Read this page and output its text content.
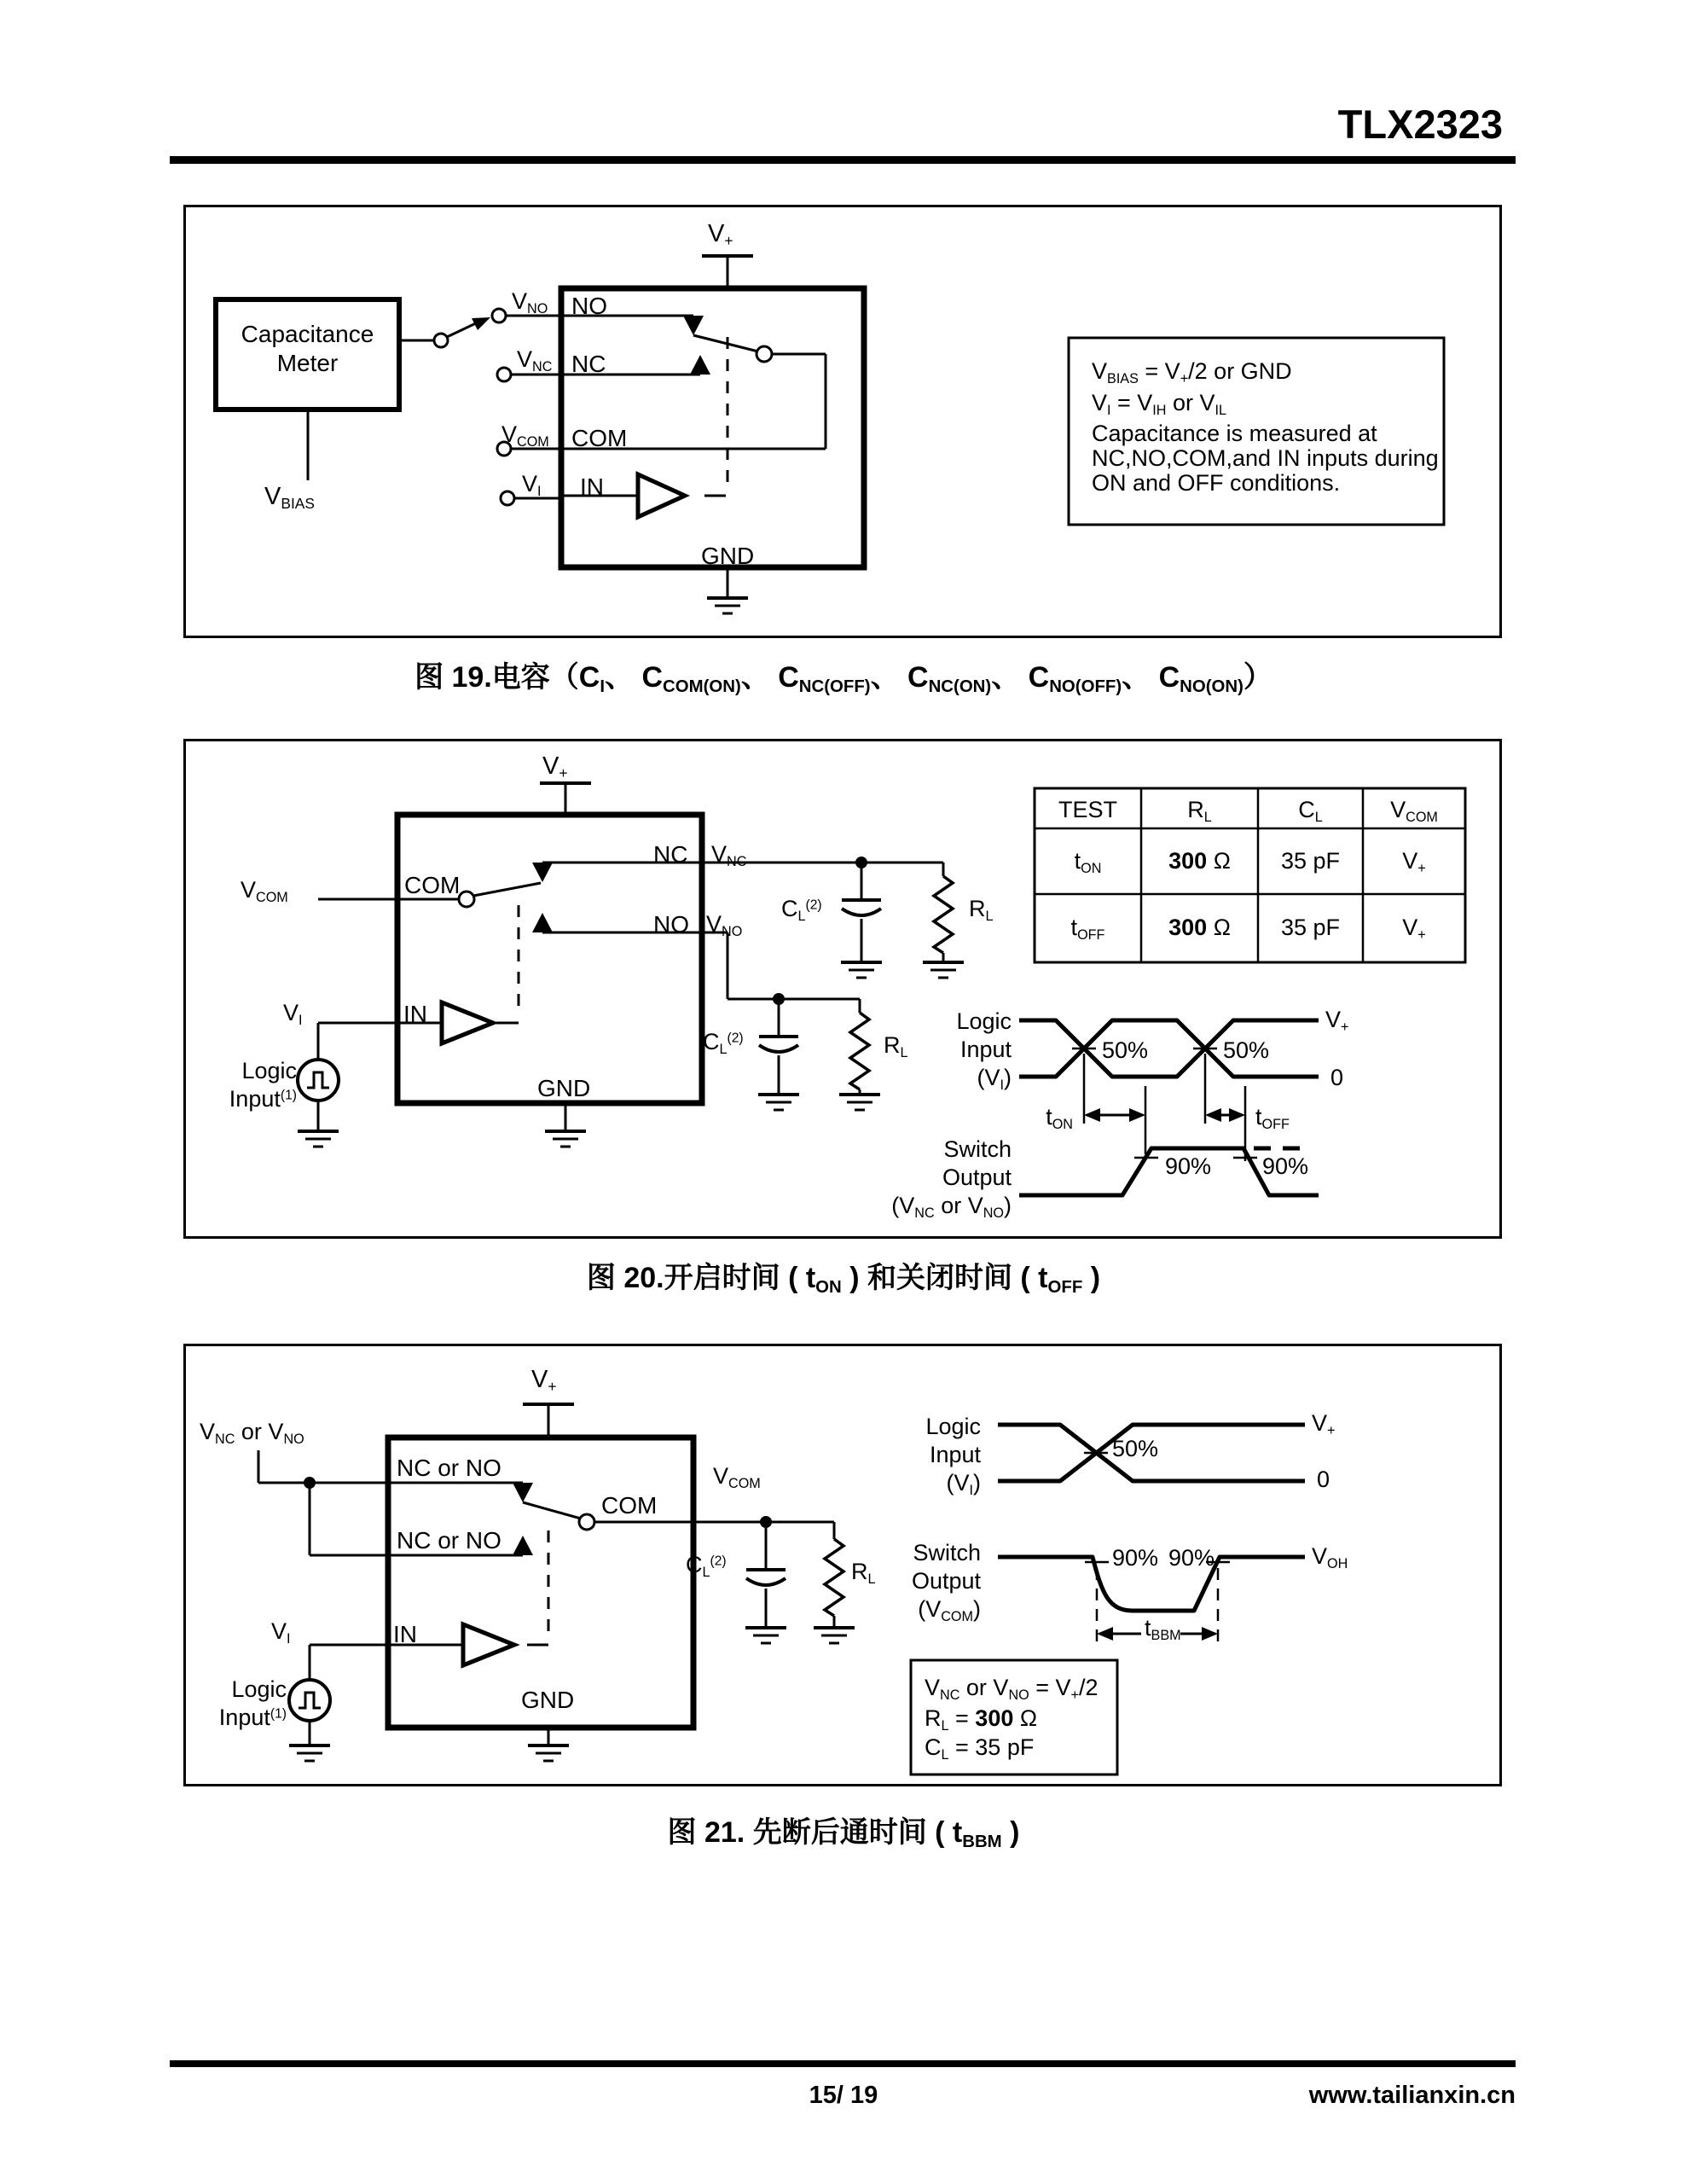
TLX2323
Capacitance
Meter
$V_{BIAS}$
$V_+$
$V_{NO}$
$V_{NC}$
$V_{COM}$
$V_I$
NO
NC
COM
IN
GND
$V_{BIAS} = V_+/2$ or GND
$V_I = V_{IH}$ or $V_{IL}$
Capacitance is measured at
NC,NO,COM,and IN inputs during
ON and OFF conditions.
图 19.电容（$C_I$、 $C_{COM(ON)}$、 $C_{NC(OFF)}$、 $C_{NC(ON)}$、 $C_{NO(OFF)}$、 $C_{NO(ON)}$）
$V_+$
$V_{COM}$	COM
NC
NO
IN
GND
$V_{NC}$
$V_{NO}$
$C_L^{(2)}$	$R_L$
$C_L^{(2)}$	$R_L$
$V_I$
Logic
Input$^{(1)}$
TEST	$R_L$	$C_L$	$V_{COM}$
$t_{ON}$	300 Ω	35 pF	$V_+$
$t_{OFF}$	300 Ω	35 pF	$V_+$
Logic
Input
$(V_I)$
$V_+$
0
50%	50%
$t_{ON}$	$t_{OFF}$
Switch
Output
($V_{NC}$ or $V_{NO}$)
90% 90%
图 20.开启时间 ( $t_{ON}$ ) 和关闭时间 ( $t_{OFF}$ )
$V_+$
$V_{NC}$ or $V_{NO}$
NC or NO
NC or NO
COM
$V_{COM}$
$C_L^{(2)}$	$R_L$
IN
$V_I$
Logic
Input$^{(1)}$
GND	$V_{NC}$ or $V_{NO} = V_+/2$
$R_L = 300$ Ω
$C_L = 35$ pF
Logic
Input
$(V_I)$
50%
$V_+$
0
Switch
Output
$(V_{COM})$
90% 90%	$V_{OH}$
$t_{BBM}$
图 21. 先断后通时间 ( $t_{BBM}$ )
15/ 19	www.tailianxin.cn
